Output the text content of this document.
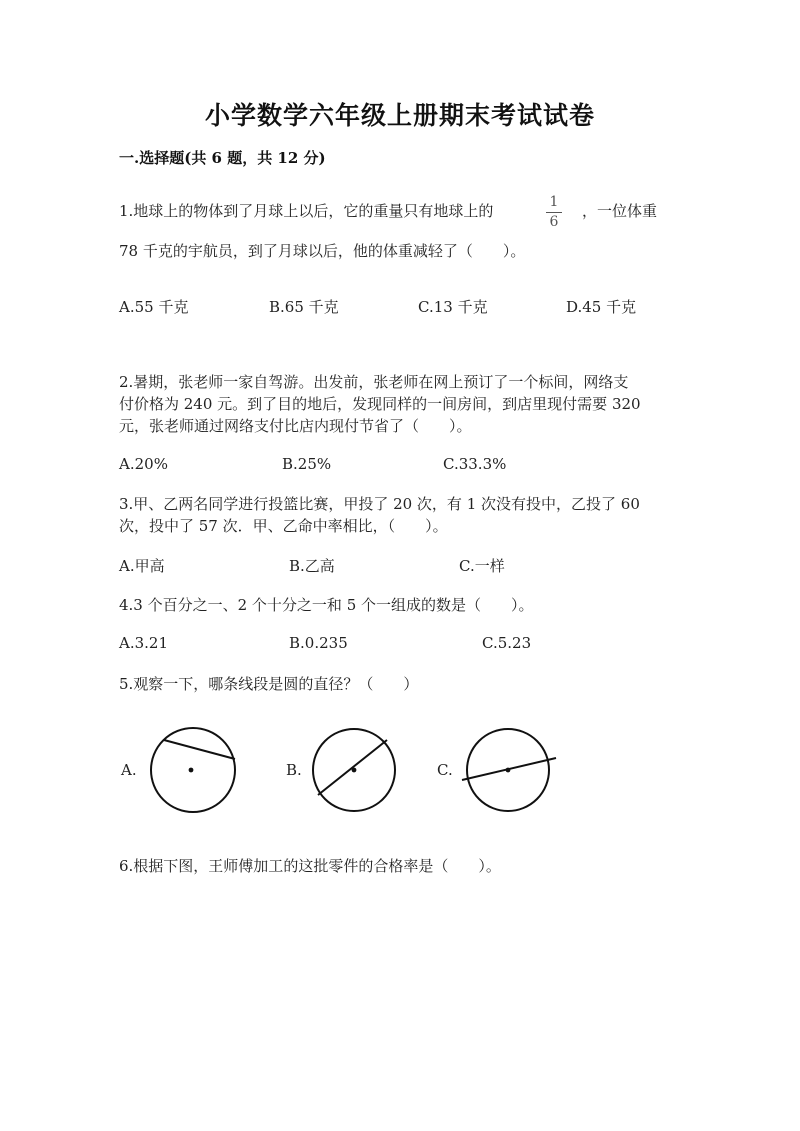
小学数学六年级上册期末考试试卷
一.选择题(共 6 题，共 12 分)
1.地球上的物体到了月球上以后，它的重量只有地球上的	1
6
，一位体重
78 千克的宇航员，到了月球以后，他的体重减轻了（　　）。
A.55 千克	B.65 千克	C.13 千克	D.45 千克
2.暑期，张老师一家自驾游。出发前，张老师在网上预订了一个标间，网络支
付价格为 240 元。到了目的地后，发现同样的一间房间，到店里现付需要 320
元，张老师通过网络支付比店内现付节省了（　　）。
A.20%	B.25%	C.33.3%
3.甲、乙两名同学进行投篮比赛，甲投了 20 次，有 1 次没有投中，乙投了 60
次，投中了 57 次．甲、乙命中率相比，（　　）。
A.甲高	B.乙高	C.一样
4.3 个百分之一、2 个十分之一和 5 个一组成的数是（　　）。
A.3.21	B.0.235	C.5.23
5.观察一下，哪条线段是圆的直径？（　　）
A.	B.	C.
6.根据下图，王师傅加工的这批零件的合格率是（　　）。
